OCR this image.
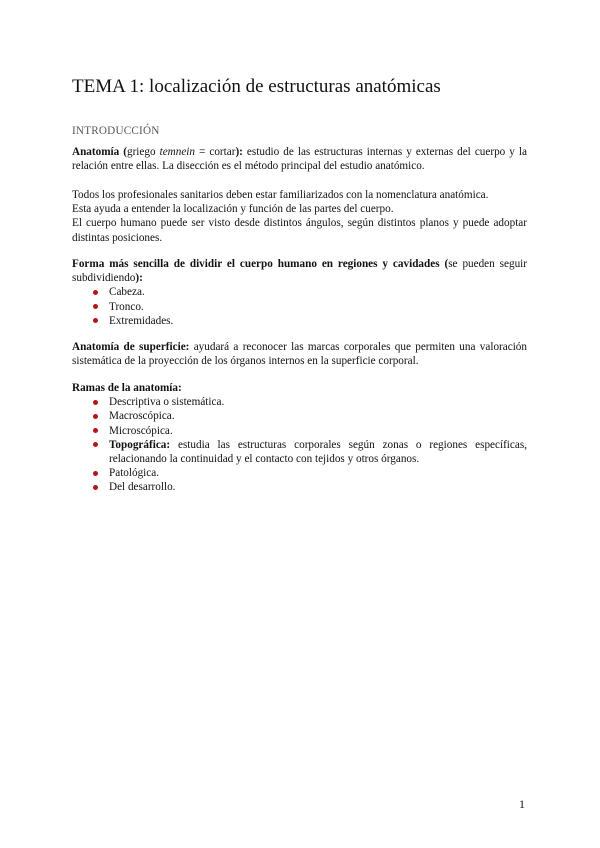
TEMA 1: localización de estructuras anatómicas
INTRODUCCIÓN

Anatomía (griego temnein = cortar): estudio de las estructuras internas y externas del cuerpo y la relación entre ellas. La disección es el método principal del estudio anatómico.

Todos los profesionales sanitarios deben estar familiarizados con la nomenclatura anatómica.

Esta ayuda a entender la localización y función de las partes del cuerpo.

El cuerpo humano puede ser visto desde distintos ángulos, según distintos planos y puede adoptar distintas posiciones.

Forma más sencilla de dividir el cuerpo humano en regiones y cavidades (se pueden seguir subdividiendo):

Cabeza.
Tronco.
Extremidades.

Anatomía de superficie: ayudará a reconocer las marcas corporales que permiten una valoración sistemática de la proyección de los órganos internos en la superficie corporal.

Ramas de la anatomía:

Descriptiva o sistemática.
Macroscópica.
Microscópica.
Topográfica: estudia las estructuras corporales según zonas o regiones específicas, relacionando la continuidad y el contacto con tejidos y otros órganos.
Patológica.
Del desarrollo.
1
